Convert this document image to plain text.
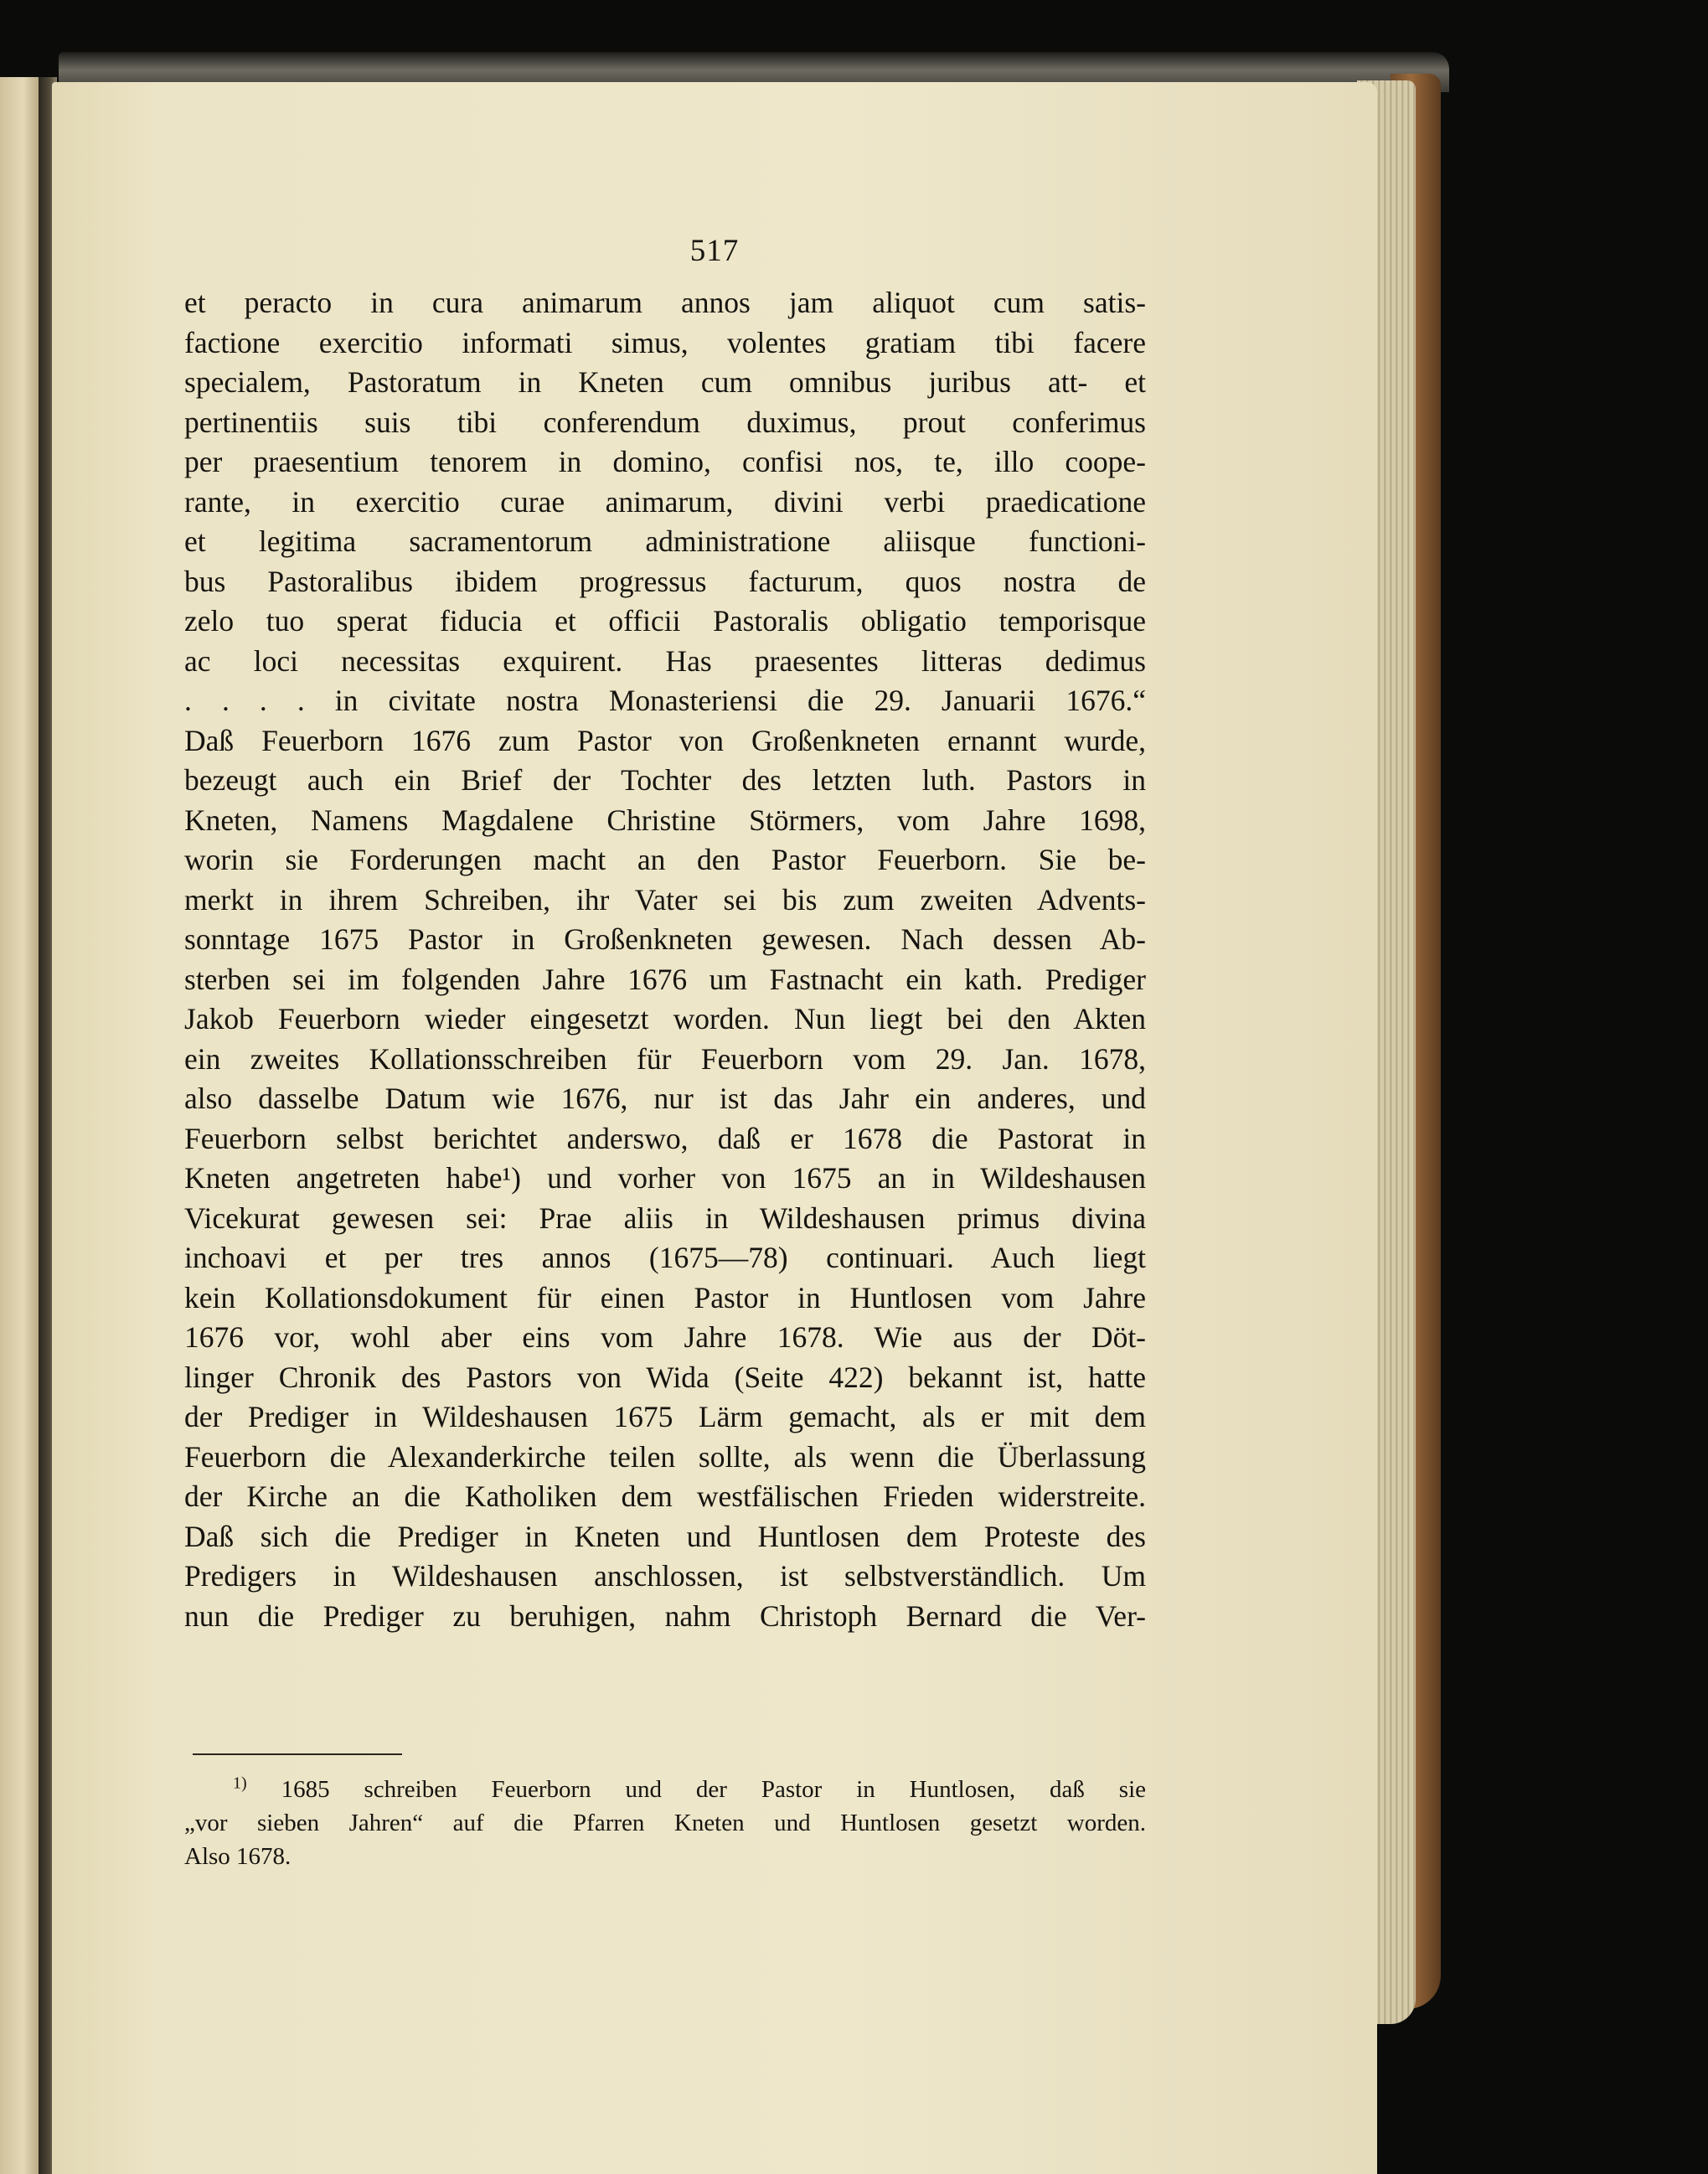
517
et peracto in cura animarum annos jam aliquot cum satis-
factione exercitio informati simus, volentes gratiam tibi facere
specialem, Pastoratum in Kneten cum omnibus juribus att- et
pertinentiis suis tibi conferendum duximus, prout conferimus
per praesentium tenorem in domino, confisi nos, te, illo coope-
rante, in exercitio curae animarum, divini verbi praedicatione
et legitima sacramentorum administratione aliisque functioni-
bus Pastoralibus ibidem progressus facturum, quos nostra de
zelo tuo sperat fiducia et officii Pastoralis obligatio temporisque
ac loci necessitas exquirent. Has praesentes litteras dedimus
. . . . in civitate nostra Monasteriensi die 29. Januarii 1676.“
Daß Feuerborn 1676 zum Pastor von Großenkneten ernannt wurde,
bezeugt auch ein Brief der Tochter des letzten luth. Pastors in
Kneten, Namens Magdalene Christine Störmers, vom Jahre 1698,
worin sie Forderungen macht an den Pastor Feuerborn. Sie be-
merkt in ihrem Schreiben, ihr Vater sei bis zum zweiten Advents-
sonntage 1675 Pastor in Großenkneten gewesen. Nach dessen Ab-
sterben sei im folgenden Jahre 1676 um Fastnacht ein kath. Prediger
Jakob Feuerborn wieder eingesetzt worden. Nun liegt bei den Akten
ein zweites Kollationsschreiben für Feuerborn vom 29. Jan. 1678,
also dasselbe Datum wie 1676, nur ist das Jahr ein anderes, und
Feuerborn selbst berichtet anderswo, daß er 1678 die Pastorat in
Kneten angetreten habe¹) und vorher von 1675 an in Wildeshausen
Vicekurat gewesen sei: Prae aliis in Wildeshausen primus divina
inchoavi et per tres annos (1675—78) continuari. Auch liegt
kein Kollationsdokument für einen Pastor in Huntlosen vom Jahre
1676 vor, wohl aber eins vom Jahre 1678. Wie aus der Döt-
linger Chronik des Pastors von Wida (Seite 422) bekannt ist, hatte
der Prediger in Wildeshausen 1675 Lärm gemacht, als er mit dem
Feuerborn die Alexanderkirche teilen sollte, als wenn die Überlassung
der Kirche an die Katholiken dem westfälischen Frieden widerstreite.
Daß sich die Prediger in Kneten und Huntlosen dem Proteste des
Predigers in Wildeshausen anschlossen, ist selbstverständlich. Um
nun die Prediger zu beruhigen, nahm Christoph Bernard die Ver-
$^{1)}$ 1685 schreiben Feuerborn und der Pastor in Huntlosen, daß sie
„vor sieben Jahren“ auf die Pfarren Kneten und Huntlosen gesetzt worden.
Also 1678.
